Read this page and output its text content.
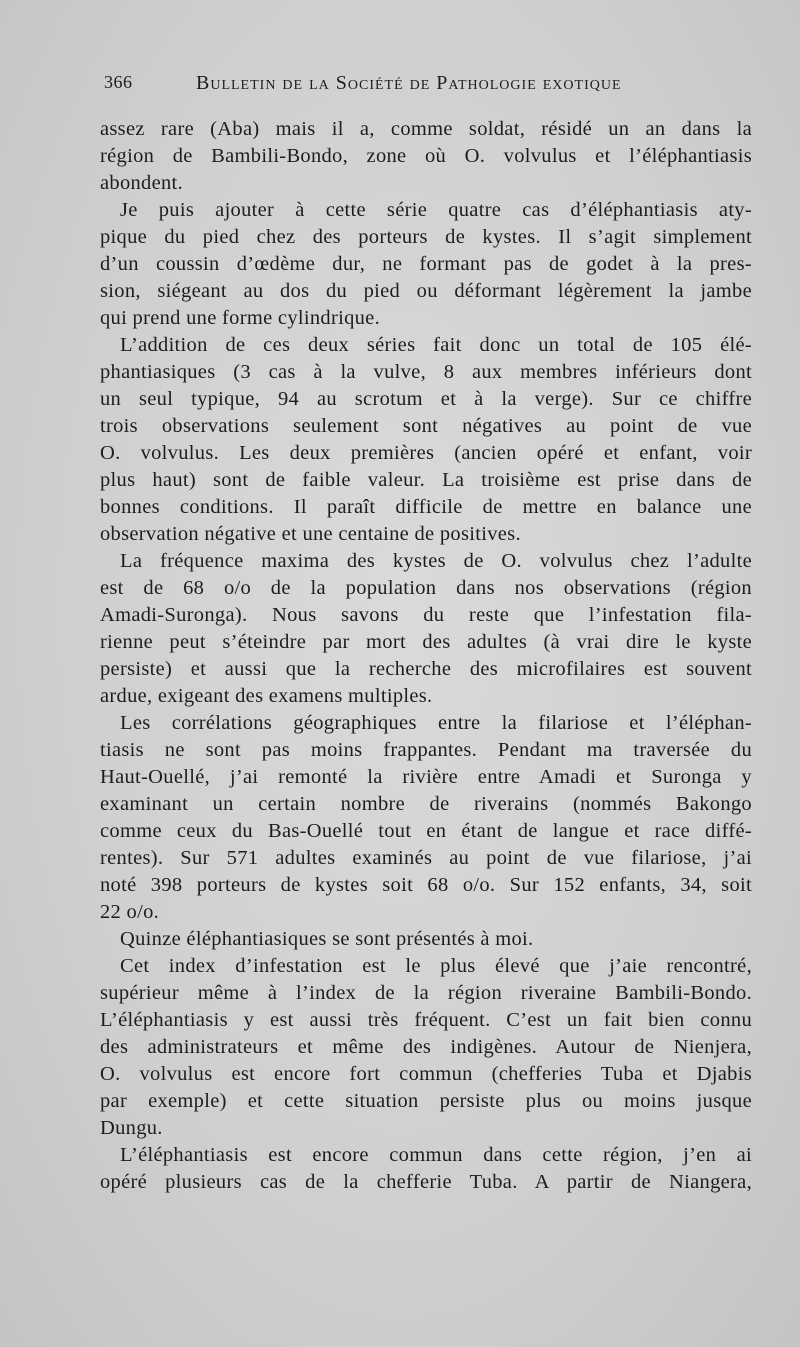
366	Bulletin de la Société de Pathologie exotique
assez rare (Aba) mais il a, comme soldat, résidé un an dans la
région de Bambili-Bondo, zone où O. volvulus et l’éléphantiasis
abondent.
Je puis ajouter à cette série quatre cas d’éléphantiasis aty-
pique du pied chez des porteurs de kystes. Il s’agit simplement
d’un coussin d’œdème dur, ne formant pas de godet à la pres-
sion, siégeant au dos du pied ou déformant légèrement la jambe
qui prend une forme cylindrique.
L’addition de ces deux séries fait donc un total de 105 élé-
phantiasiques (3 cas à la vulve, 8 aux membres inférieurs dont
un seul typique, 94 au scrotum et à la verge). Sur ce chiffre
trois observations seulement sont négatives au point de vue
O. volvulus. Les deux premières (ancien opéré et enfant, voir
plus haut) sont de faible valeur. La troisième est prise dans de
bonnes conditions. Il paraît difficile de mettre en balance une
observation négative et une centaine de positives.
La fréquence maxima des kystes de O. volvulus chez l’adulte
est de 68 o/o de la population dans nos observations (région
Amadi-Suronga). Nous savons du reste que l’infestation fila-
rienne peut s’éteindre par mort des adultes (à vrai dire le kyste
persiste) et aussi que la recherche des microfilaires est souvent
ardue, exigeant des examens multiples.
Les corrélations géographiques entre la filariose et l’éléphan-
tiasis ne sont pas moins frappantes. Pendant ma traversée du
Haut-Ouellé, j’ai remonté la rivière entre Amadi et Suronga y
examinant un certain nombre de riverains (nommés Bakongo
comme ceux du Bas-Ouellé tout en étant de langue et race diffé-
rentes). Sur 571 adultes examinés au point de vue filariose, j’ai
noté 398 porteurs de kystes soit 68 o/o. Sur 152 enfants, 34, soit
22 o/o.
Quinze éléphantiasiques se sont présentés à moi.
Cet index d’infestation est le plus élevé que j’aie rencontré,
supérieur même à l’index de la région riveraine Bambili-Bondo.
L’éléphantiasis y est aussi très fréquent. C’est un fait bien connu
des administrateurs et même des indigènes. Autour de Nienjera,
O. volvulus est encore fort commun (chefferies Tuba et Djabis
par exemple) et cette situation persiste plus ou moins jusque
Dungu.
L’éléphantiasis est encore commun dans cette région, j’en ai
opéré plusieurs cas de la chefferie Tuba. A partir de Niangera,
